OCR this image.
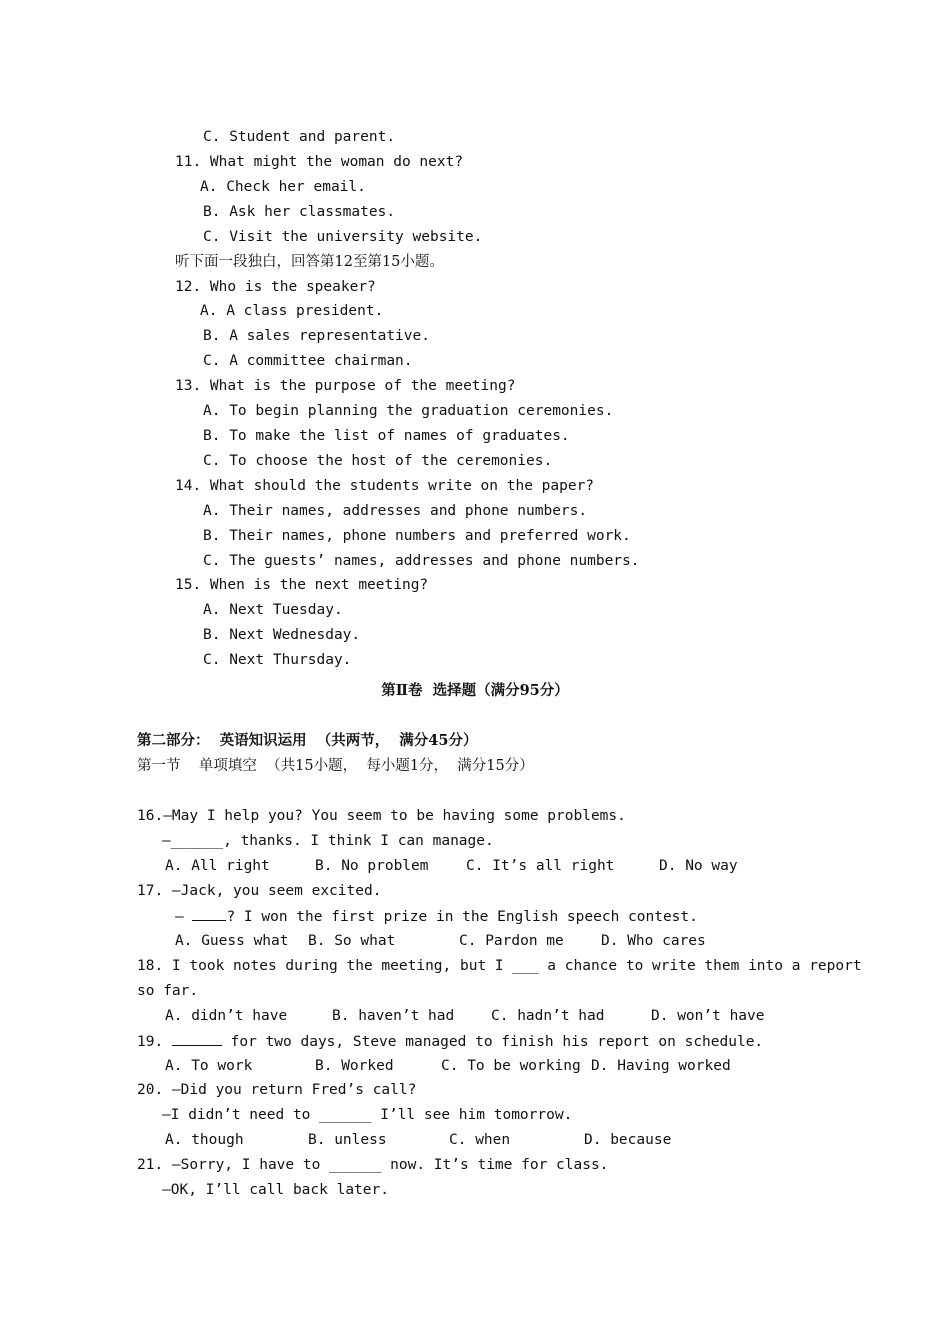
C. Student and parent.
11. What might the woman do next?
A. Check her email.
B. Ask her classmates.
C. Visit the university website.
听下面一段独白，回答第12至第15小题。
12. Who is the speaker?
A. A class president.
B. A sales representative.
C. A committee chairman.
13. What is the purpose of the meeting?
A. To begin planning the graduation ceremonies.
B. To make the list of names of graduates.
C. To choose the host of the ceremonies.
14. What should the students write on the paper?
A. Their names, addresses and phone numbers.
B. Their names, phone numbers and preferred work.
C. The guests’ names, addresses and phone numbers.
15. When is the next meeting?
A. Next Tuesday.
B. Next Wednesday.
C. Next Thursday.
第Ⅱ卷  选择题（满分95分）
第二部分：  英语知识运用  （共两节，  满分45分）
第一节    单项填空  （共15小题，  每小题1分，  满分15分）
16.—May I help you? You seem to be having some problems.
—______, thanks. I think I can manage.

A. All right

	B. No problem

	C. It’s all right

	D. No way

17. —Jack, you seem excited.
— ? I won the first prize in the English speech contest.

A. Guess what

B. So what

	C. Pardon me

	D. Who cares

18. I took notes during the meeting, but I ___ a chance to write them into a report
so far.

A. didn’t have

	B. haven’t had

	C. hadn’t had

	D. won’t have

19.	for two days, Steve managed to finish his report on schedule.

A. To work

	B. Worked

	C. To be working

D. Having worked

20. —Did you return Fred’s call?
—I didn’t need to ______ I’ll see him tomorrow.

A. though

	B. unless

	C. when

	D. because

21. —Sorry, I have to ______ now. It’s time for class.
—OK, I’ll call back later.
